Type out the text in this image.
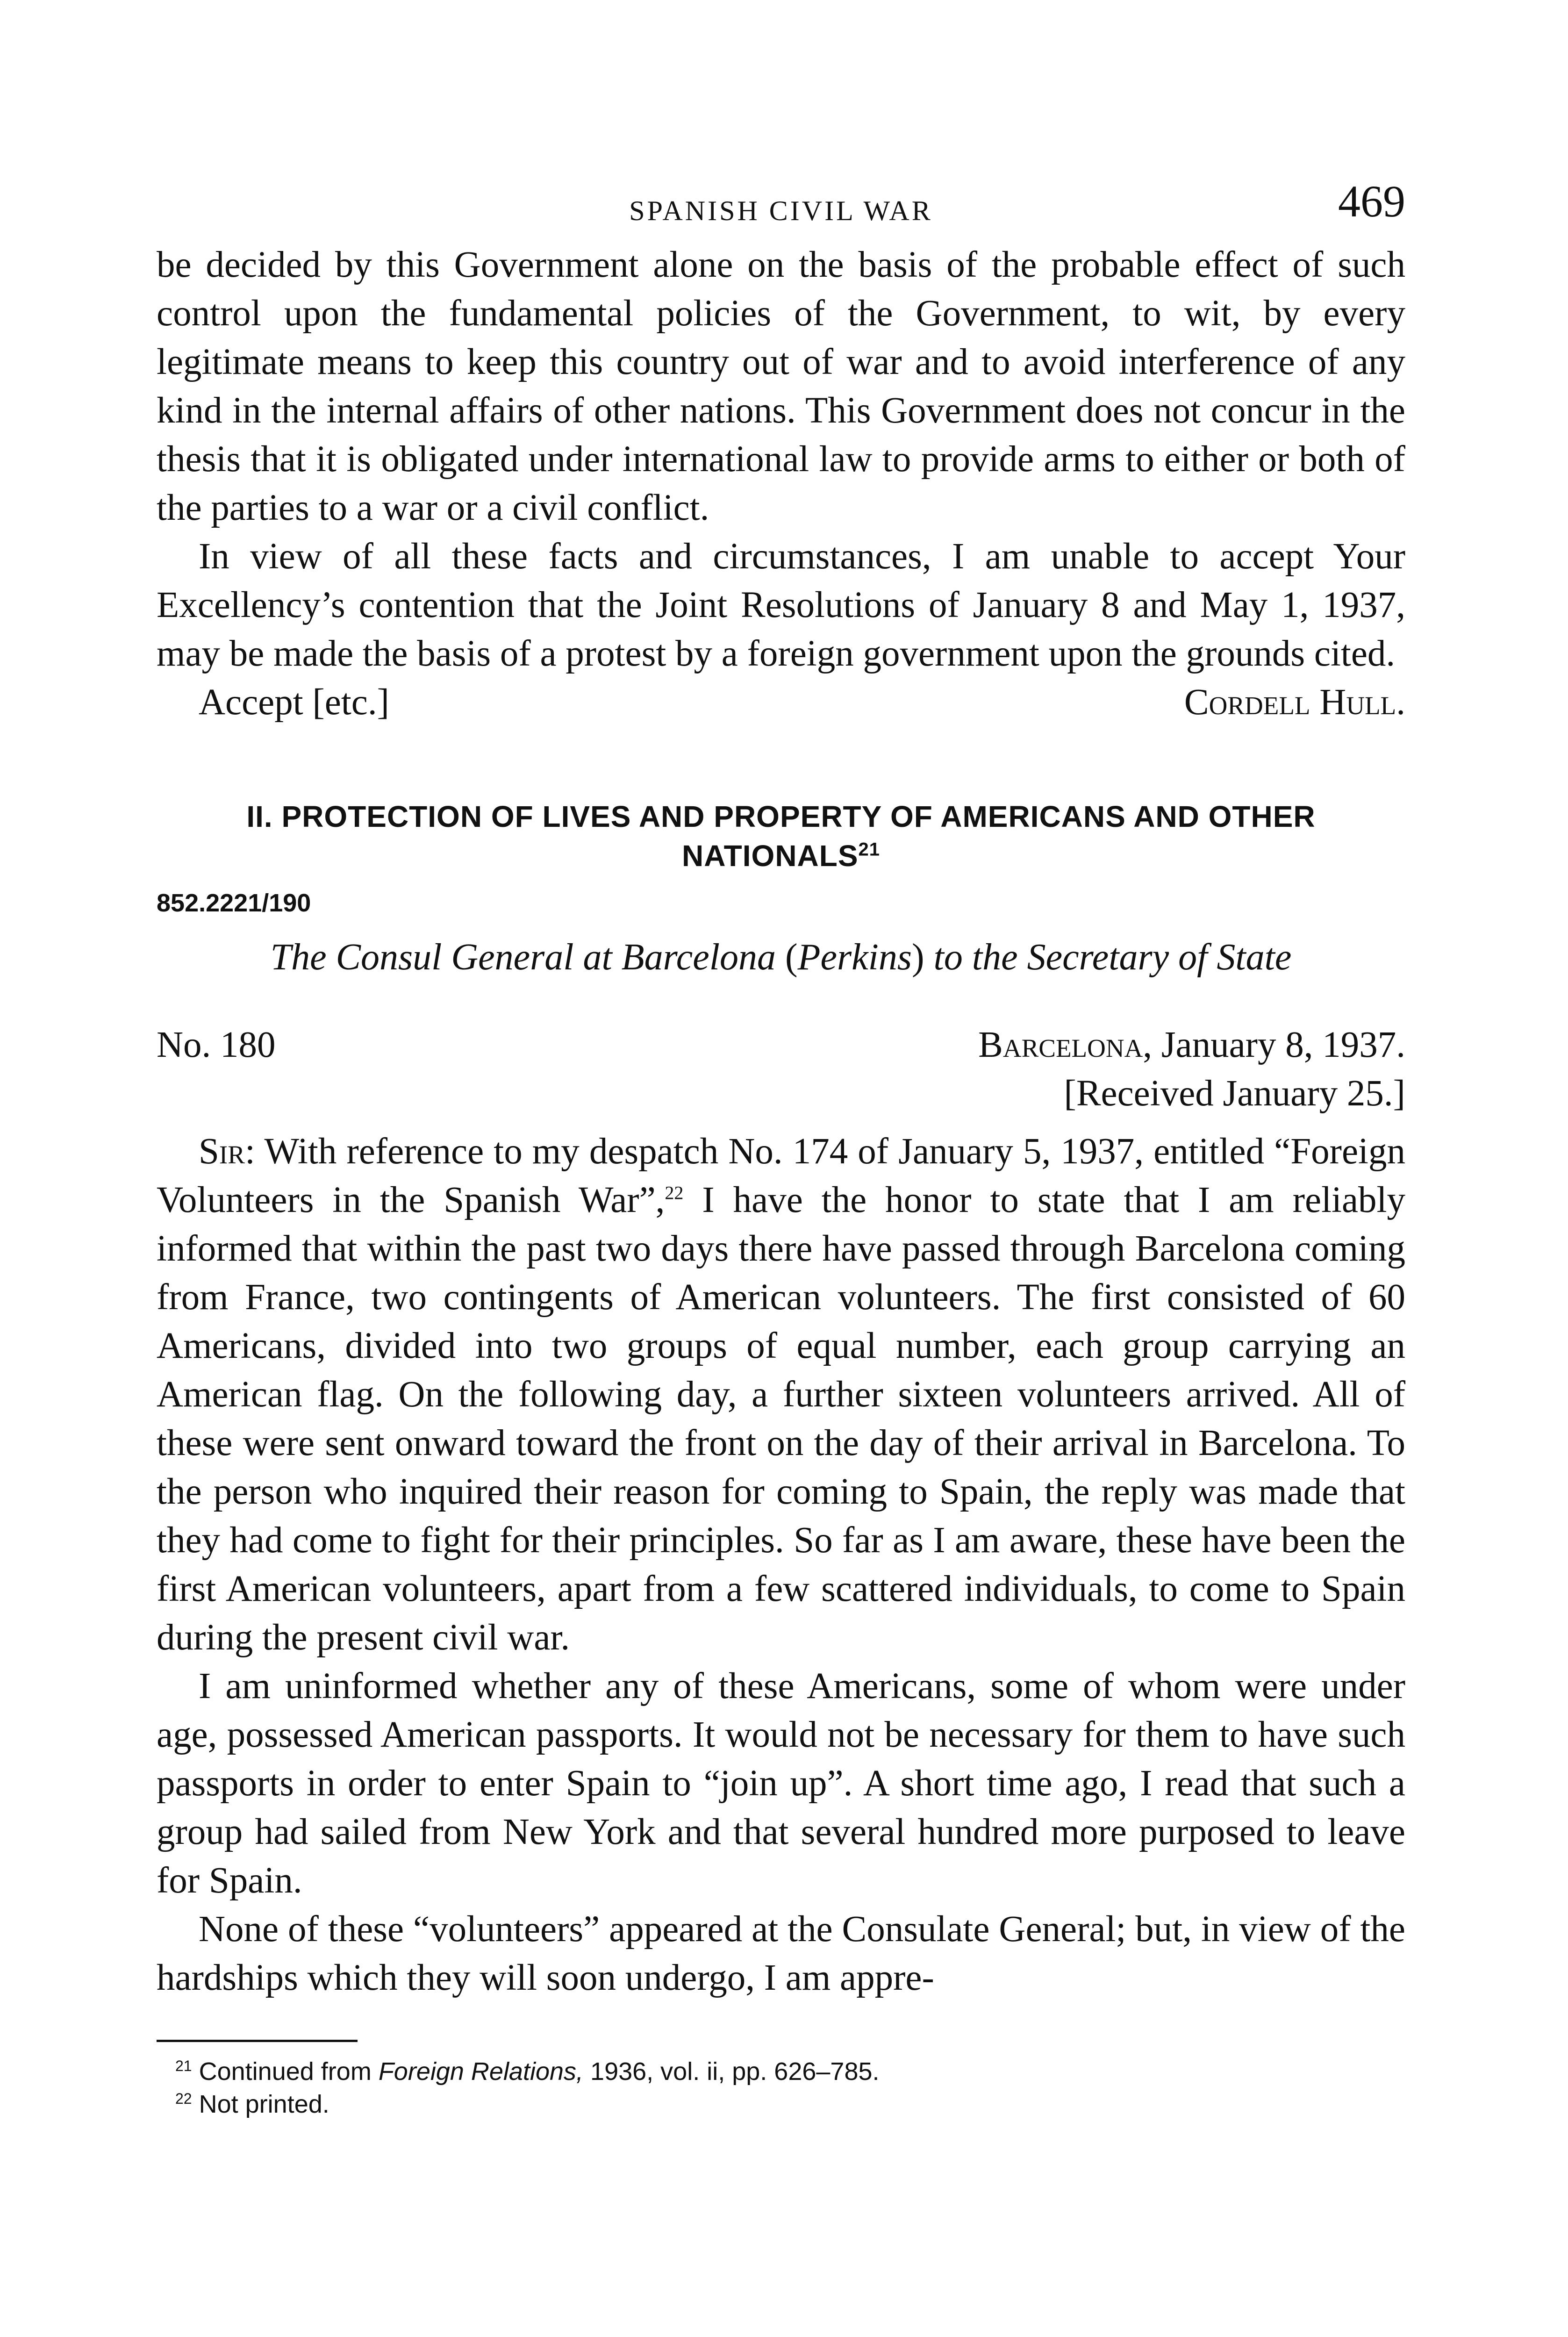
SPANISH CIVIL WAR	469

be decided by this Government alone on the basis of the probable effect of such control upon the fundamental policies of the Government, to wit, by every legitimate means to keep this country out of war and to avoid interference of any kind in the internal affairs of other nations. This Government does not concur in the thesis that it is obligated under international law to provide arms to either or both of the parties to a war or a civil conflict.

In view of all these facts and circumstances, I am unable to accept Your Excellency’s contention that the Joint Resolutions of January 8 and May 1, 1937, may be made the basis of a protest by a foreign government upon the grounds cited.

Accept [etc.]	Cordell Hull.
II. PROTECTION OF LIVES AND PROPERTY OF AMERICANS AND OTHER NATIONALS$^{21}$
852.2221/190
The Consul General at Barcelona (Perkins) to the Secretary of State
No. 180	Barcelona, January 8, 1937.
[Received January 25.]

Sir: With reference to my despatch No. 174 of January 5, 1937, entitled “Foreign Volunteers in the Spanish War”,$^{22}$ I have the honor to state that I am reliably informed that within the past two days there have passed through Barcelona coming from France, two contingents of American volunteers. The first consisted of 60 Americans, divided into two groups of equal number, each group carrying an American flag. On the following day, a further sixteen volunteers arrived. All of these were sent onward toward the front on the day of their arrival in Barcelona. To the person who inquired their reason for coming to Spain, the reply was made that they had come to fight for their principles. So far as I am aware, these have been the first American volunteers, apart from a few scattered individuals, to come to Spain during the present civil war.

I am uninformed whether any of these Americans, some of whom were under age, possessed American passports. It would not be necessary for them to have such passports in order to enter Spain to “join up”. A short time ago, I read that such a group had sailed from New York and that several hundred more purposed to leave for Spain.

None of these “volunteers” appeared at the Consulate General; but, in view of the hardships which they will soon undergo, I am appre-

$^{21}$ Continued from Foreign Relations, 1936, vol. ii, pp. 626–785.
$^{22}$ Not printed.
